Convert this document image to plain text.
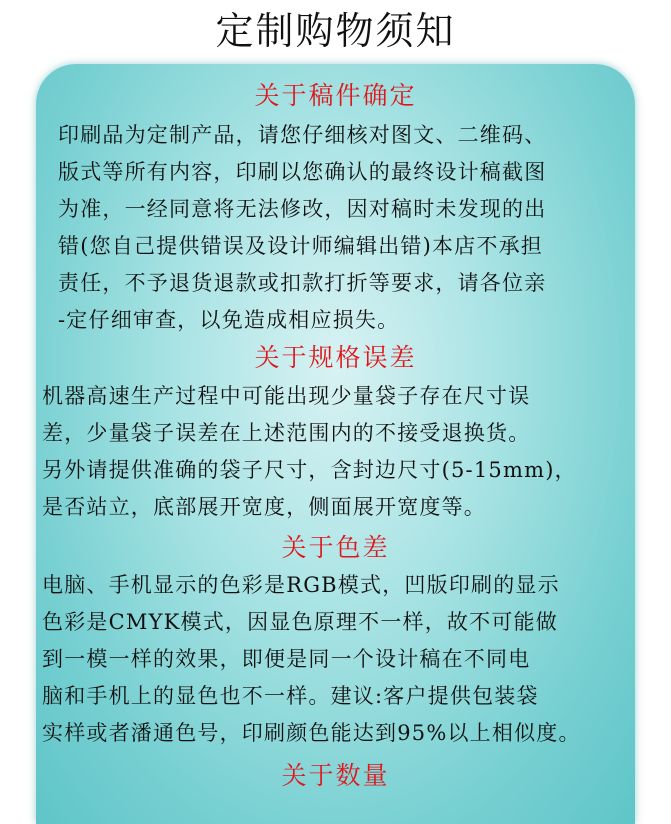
定制购物须知
关于稿件确定
印刷品为定制产品，请您仔细核对图文、二维码、
版式等所有内容，印刷以您确认的最终设计稿截图
为准，一经同意将无法修改，因对稿时未发现的出
错(您自己提供错误及设计师编辑出错)本店不承担
责任，不予退货退款或扣款打折等要求，请各位亲
-定仔细审查，以免造成相应损失。
关于规格误差
机器高速生产过程中可能出现少量袋子存在尺寸误
差，少量袋子误差在上述范围内的不接受退换货。
另外请提供准确的袋子尺寸，含封边尺寸(5-15mm)，
是否站立，底部展开宽度，侧面展开宽度等。
关于色差
电脑、手机显示的色彩是RGB模式，凹版印刷的显示
色彩是CMYK模式，因显色原理不一样，故不可能做
到一模一样的效果，即便是同一个设计稿在不同电
脑和手机上的显色也不一样。建议:客户提供包装袋
实样或者潘通色号，印刷颜色能达到95%以上相似度。
关于数量
